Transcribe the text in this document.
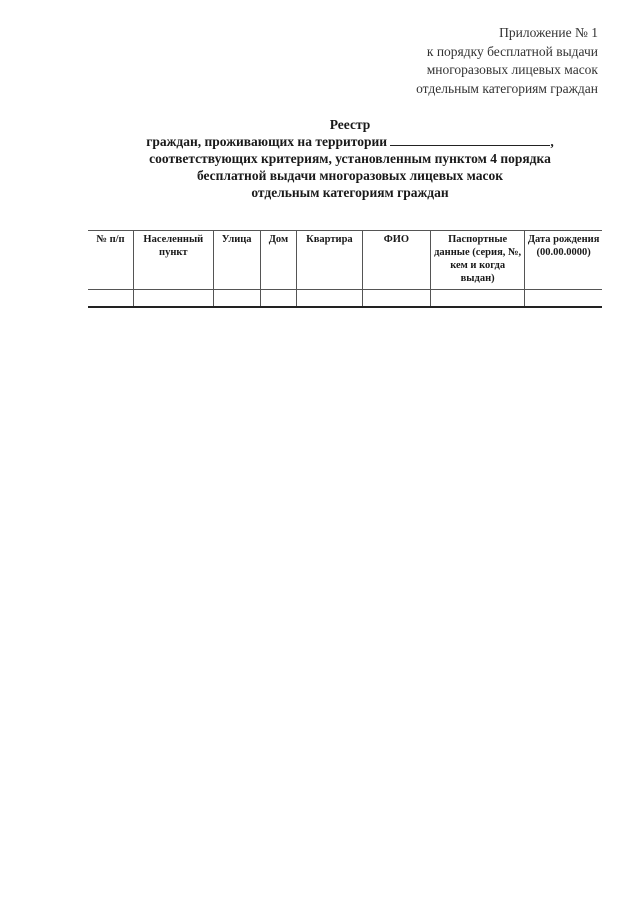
Приложение № 1
к порядку бесплатной выдачи
многоразовых лицевых масок
отдельным категориям граждан
Реестр
граждан, проживающих на территории	,
соответствующих критериям, установленным пунктом 4 порядка
бесплатной выдачи многоразовых лицевых масок
отдельным категориям граждан
№ п/п	Населенный пункт	Улица	Дом	Квартира	ФИО	Паспортные данные (серия, №, кем и когда выдан)	Дата рождения
(00.00.0000)
